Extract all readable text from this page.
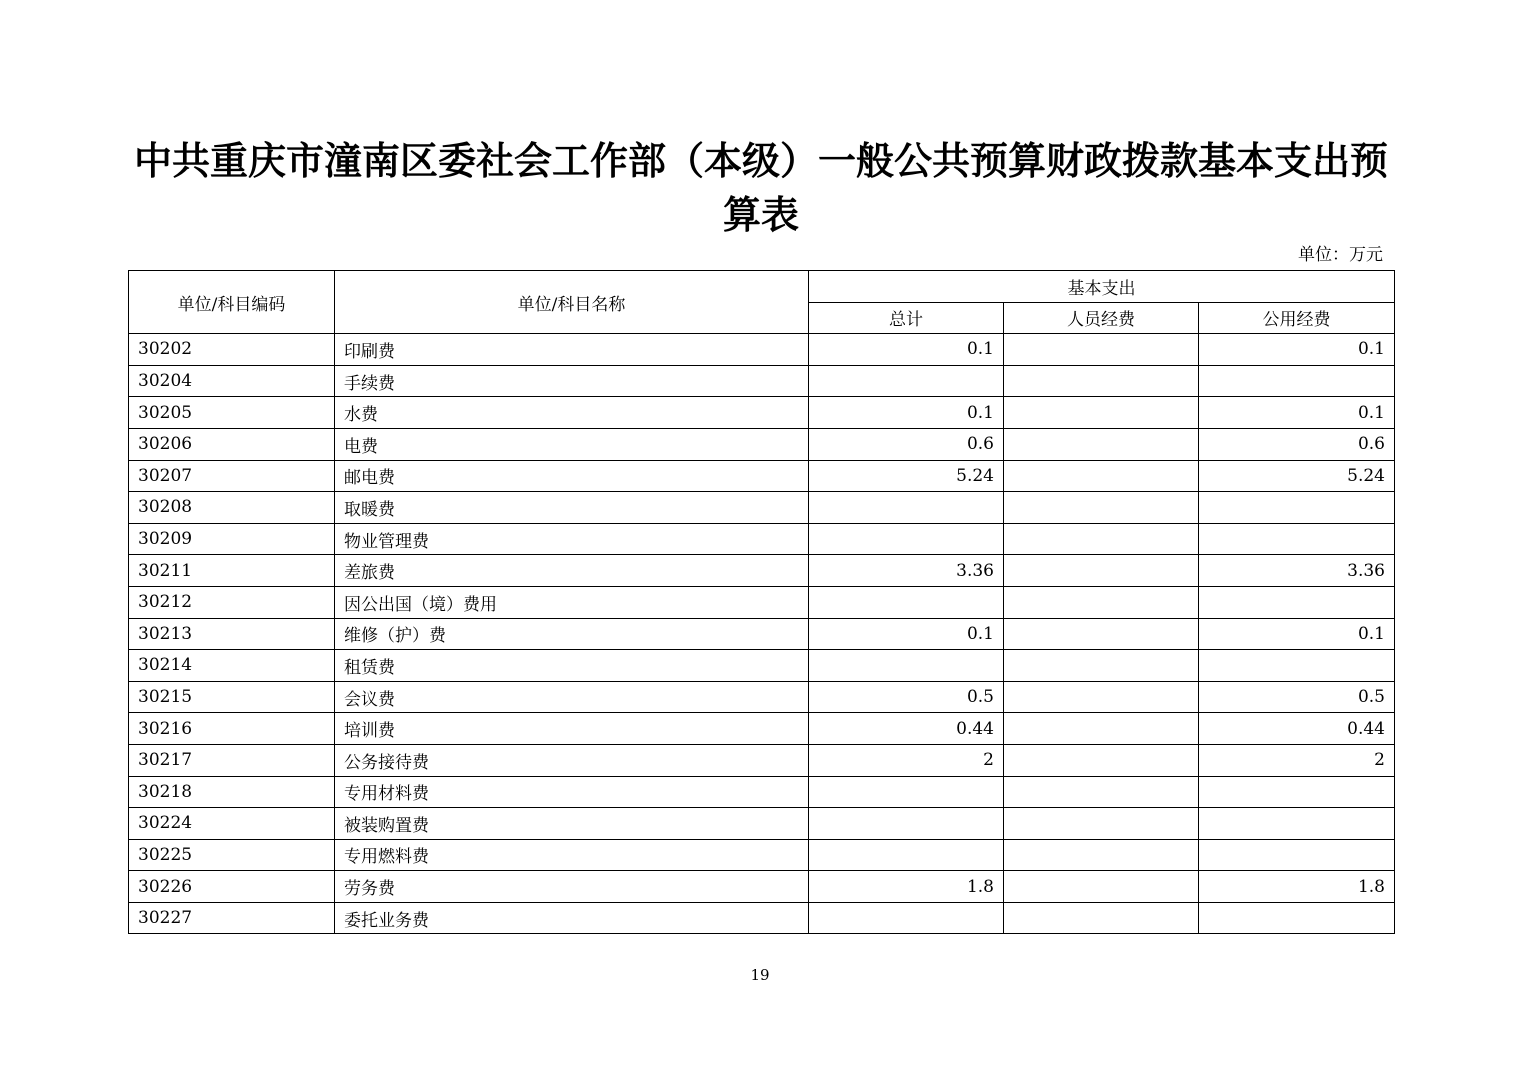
中共重庆市潼南区委社会工作部（本级）一般公共预算财政拨款基本支出预算表
单位：万元
单位/科目编码	单位/科目名称	基本支出		
		总计	人员经费	公用经费
30202	印刷费	0.1		0.1
30204	手续费			
30205	水费	0.1		0.1
30206	电费	0.6		0.6
30207	邮电费	5.24		5.24
30208	取暖费			
30209	物业管理费			
30211	差旅费	3.36		3.36
30212	因公出国（境）费用			
30213	维修（护）费	0.1		0.1
30214	租赁费			
30215	会议费	0.5		0.5
30216	培训费	0.44		0.44
30217	公务接待费	2		2
30218	专用材料费			
30224	被装购置费			
30225	专用燃料费			
30226	劳务费	1.8		1.8
30227	委托业务费			
19
